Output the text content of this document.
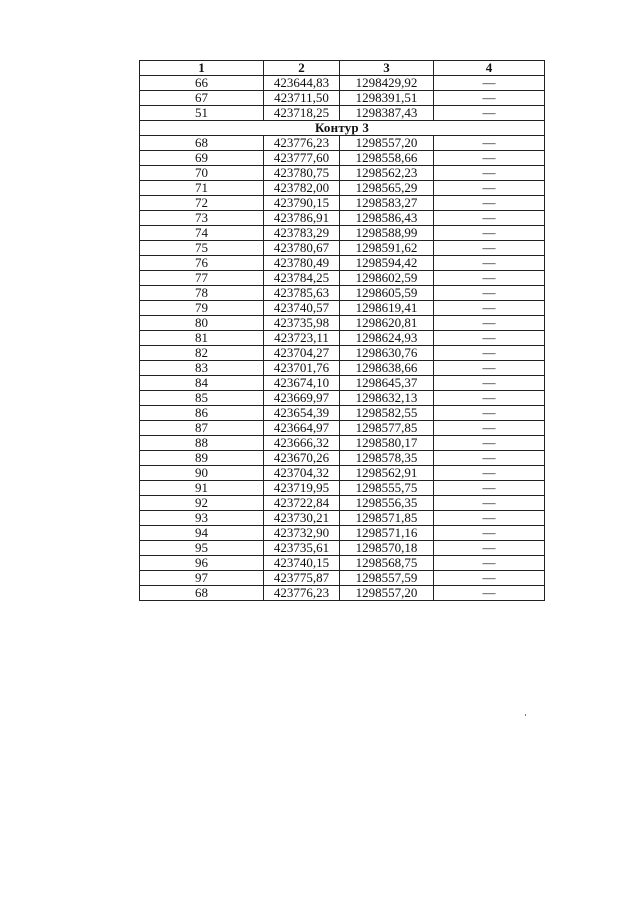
1	2	3	4
66	423644,83	1298429,92	—
67	423711,50	1298391,51	—
51	423718,25	1298387,43	—
Контур 3			
68	423776,23	1298557,20	—
69	423777,60	1298558,66	—
70	423780,75	1298562,23	—
71	423782,00	1298565,29	—
72	423790,15	1298583,27	—
73	423786,91	1298586,43	—
74	423783,29	1298588,99	—
75	423780,67	1298591,62	—
76	423780,49	1298594,42	—
77	423784,25	1298602,59	—
78	423785,63	1298605,59	—
79	423740,57	1298619,41	—
80	423735,98	1298620,81	—
81	423723,11	1298624,93	—
82	423704,27	1298630,76	—
83	423701,76	1298638,66	—
84	423674,10	1298645,37	—
85	423669,97	1298632,13	—
86	423654,39	1298582,55	—
87	423664,97	1298577,85	—
88	423666,32	1298580,17	—
89	423670,26	1298578,35	—
90	423704,32	1298562,91	—
91	423719,95	1298555,75	—
92	423722,84	1298556,35	—
93	423730,21	1298571,85	—
94	423732,90	1298571,16	—
95	423735,61	1298570,18	—
96	423740,15	1298568,75	—
97	423775,87	1298557,59	—
68	423776,23	1298557,20	—
